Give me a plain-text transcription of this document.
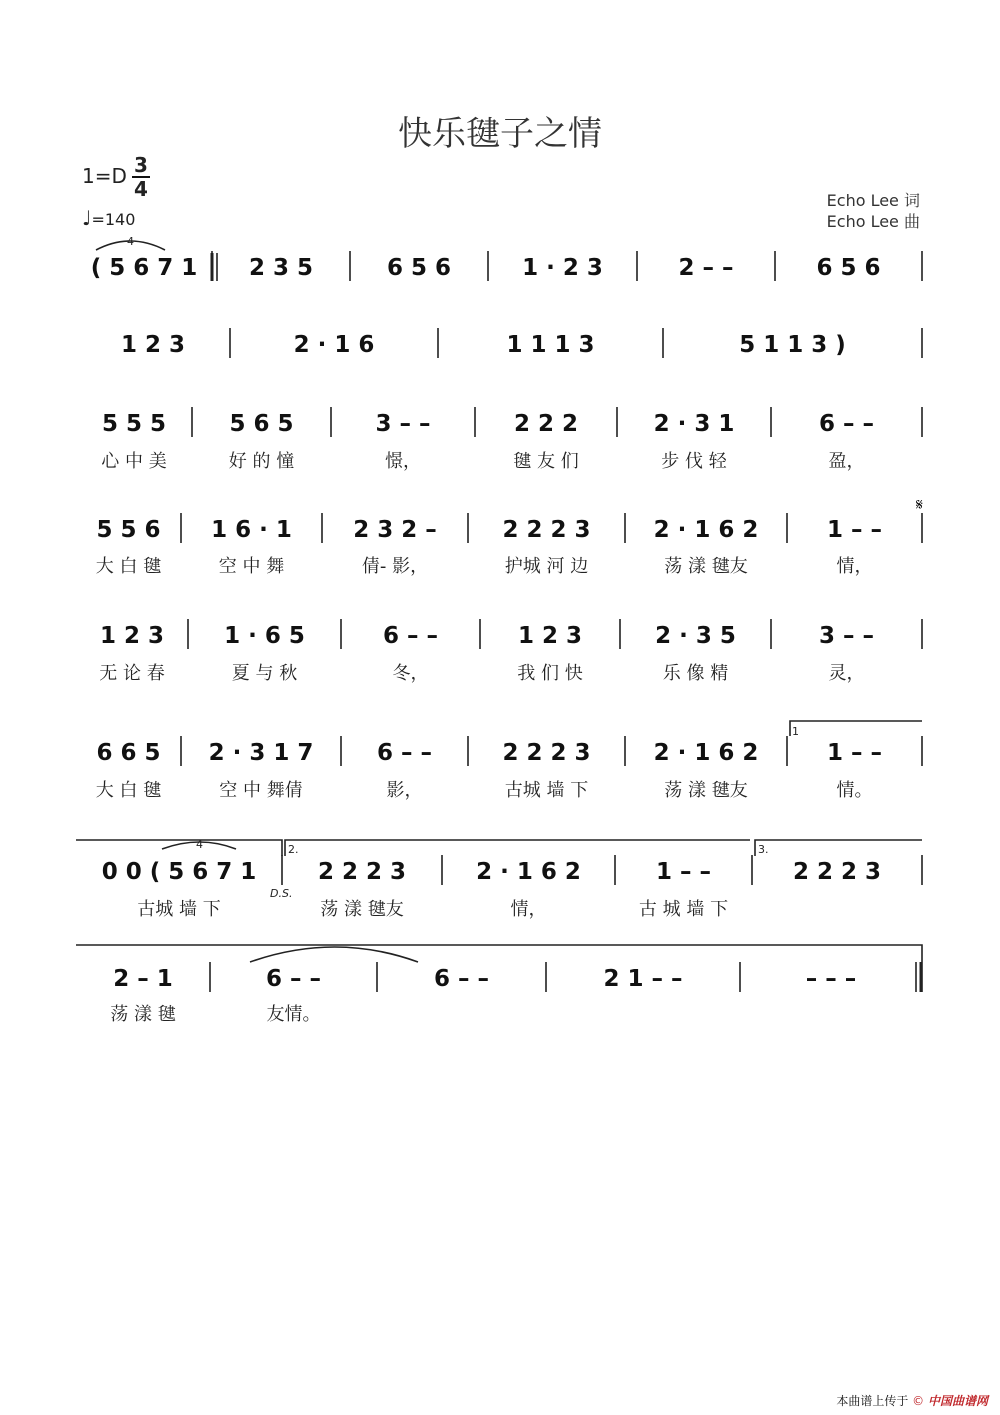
快乐毽子之情
1=D 3
4
♩=140
Echo Lee 词
Echo Lee 曲
( 5 6 7 1 2 3 5	6 5 6	1 · 2 3	2 – –	6 5 6
1 2 3	2 · 1 6	1 1 1 3	5 1 1 3 )
5 5 5
心 中 美
5 6 5
好 的 憧
3 – –
憬，
2 2 2
毽 友 们
2 · 3 1
步 伐 轻
6 – –
盈，
5 5 6
大 白 毽
1 6 · 1
空 中 舞
2 3 2 –
倩- 影，
2 2 2 3
护城 河 边
2 · 1 6 2
荡 漾 毽友
1 – –
情，
1 2 3
无 论 春
1 · 6 5
夏 与 秋
6 – –
冬，
1 2 3
我 们 快
2 · 3 5
乐 像 精
3 – –
灵，
6 6 5
大 白 毽
2 · 3 1 7
空 中 舞倩
6 – –
影，
2 2 2 3
古城 墙 下
2 · 1 6 2
荡 漾 毽友
1 – –
情。
0 0 ( 5 6 7 1
古城 墙 下
2 2 2 3
荡 漾 毽友
2 · 1 6 2
情，
1 – –
古 城 墙 下
2 2 2 3
2 – 1
荡 漾 毽
6 – –
友情。
6 – –	2 1 – –	– – –
4
4
𝄋
D.S.
1
2.	3.
本曲谱上传于 © 中国曲谱网
